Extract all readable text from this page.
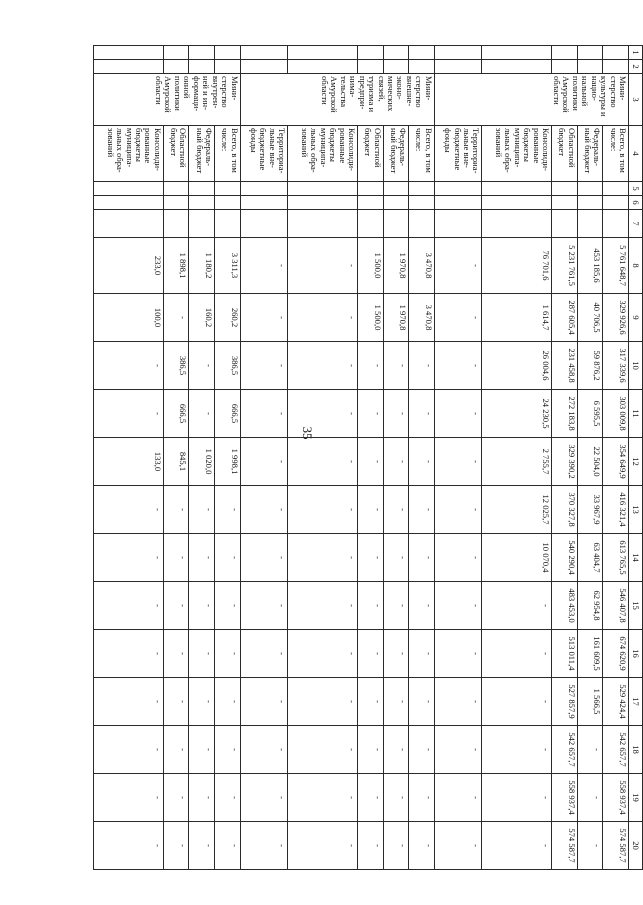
35
1	2	3	4	5	6	7	8	9	10	11	12	13	14	15	16	17	18	19	20
		Мини- стерство культуры и нацио- нальной политики Амурской области	Всего, в том числе:				5 761 648,7	329 926,6	317 339,6	303 009,8	354 649,9	416 321,4	613 765,5	546 407,8	674 620,9	529 424,4	542 657,7	558 937,4	574 587,7
			Федераль- ный бюджет				453 185,6	40 706,5	59 876,2	6 595,5	22 504,0	33 967,9	63 404,7	62 954,8	161 609,5	1 566,5	-	-	-
			Областной бюджет				5 231 761,5	287 605,4	231 458,8	272 183,8	329 390,2	370 327,8	540 290,4	483 453,0	513 011,4	527 857,9	542 657,7	558 937,4	574 587,7
			Консолиди- рованные бюджеты муниципа- льных обра- зований				76 701,6	1 614,7	26 004,6	24 230,5	2 755,7	12 025,7	10 070,4	-	-	-	-	-	-
			Территориа- льные вне- бюджетные фонды				-	-	-	-	-	-	-	-	-	-	-	-	-
		Мини- стерство внешне- эконо- мических связей, туризма и предпри- нима- тельства Амурской области	Всего, в том числе:				3 470,8	3 470,8	-	-	-	-	-	-	-	-	-	-	-
			Федераль- ный бюджет				1 970,8	1 970,8	-	-	-	-	-	-	-	-	-	-	-
			Областной бюджет				1 500,0	1 500,0	-	-	-	-	-	-	-	-	-	-	-
			Консолиди- рованные бюджеты муниципа- льных обра- зований				-	-	-	-	-	-	-	-	-	-	-	-	-
			Территориа- льные вне- бюджетные фонды				-	-	-	-	-	-	-	-	-	-	-	-	-
		Мини- стерство внутрен- ней и ин- формаци- онной политики Амурской области	Всего, в том числе:				3 311,3	260,2	386,5	666,5	1 998,1	-	-	-	-	-	-	-	-
			Федераль- ный бюджет				1 180,2	160,2	-	-	1 020,0	-	-	-	-	-	-	-	-
			Областной бюджет				1 898,1	-	386,5	666,5	845,1	-	-	-	-	-	-	-	-
			Консолиди- рованные бюджеты муниципа- льных обра- зований				233,0	100,0	-	-	133,0	-	-	-	-	-	-	-	-
